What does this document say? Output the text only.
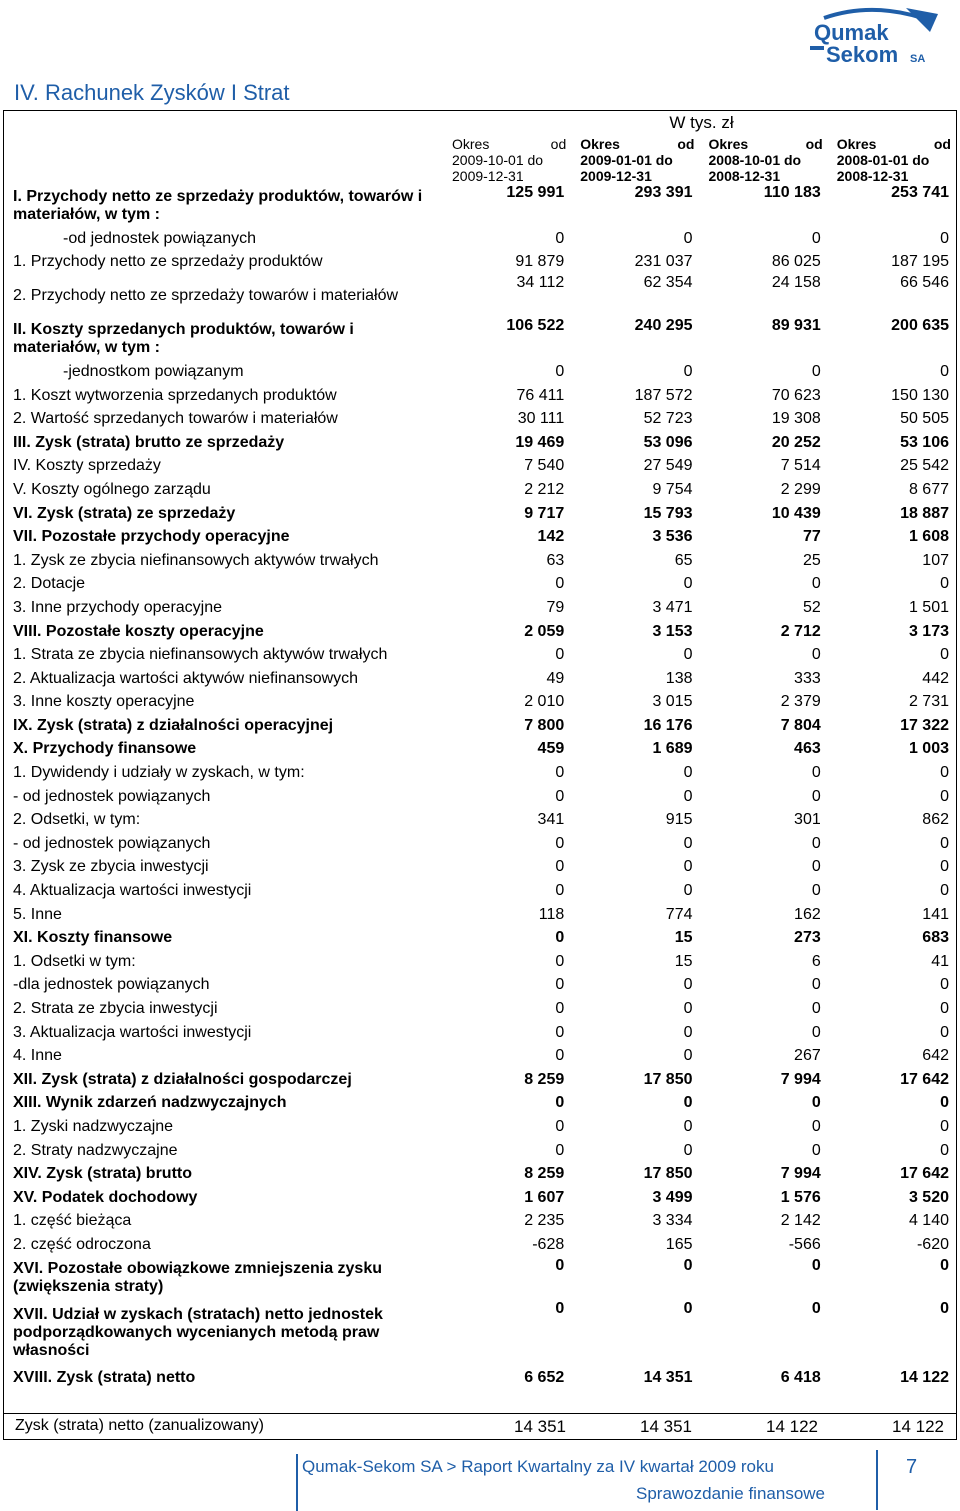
Qumak
Sekom SA
IV. Rachunek Zysków I Strat
	W tys. zł			

	Okres od
2009-10-01 do
2009-12-31	Okres od
2009-01-01 do
2009-12-31	Okres od
2008-10-01 do
2008-12-31	Okres od
2008-01-01 do
2008-12-31

I. Przychody netto ze sprzedaży produktów, towarów i materiałów, w tym :	125 991	293 391	110 183	253 741
-od jednostek powiązanych	0	0	0	0
1. Przychody netto ze sprzedaży produktów	91 879	231 037	86 025	187 195
2. Przychody netto ze sprzedaży towarów i materiałów	34 112	62 354	24 158	66 546
II. Koszty sprzedanych produktów, towarów i materiałów, w tym :	106 522	240 295	89 931	200 635
-jednostkom powiązanym	0	0	0	0
1. Koszt wytworzenia sprzedanych produktów	76 411	187 572	70 623	150 130
2. Wartość sprzedanych towarów i materiałów	30 111	52 723	19 308	50 505
III. Zysk (strata) brutto ze sprzedaży	19 469	53 096	20 252	53 106
IV. Koszty sprzedaży	7 540	27 549	7 514	25 542
V. Koszty ogólnego zarządu	2 212	9 754	2 299	8 677
VI. Zysk (strata) ze sprzedaży	9 717	15 793	10 439	18 887
VII. Pozostałe przychody operacyjne	142	3 536	77	1 608
1. Zysk ze zbycia niefinansowych aktywów trwałych	63	65	25	107
2. Dotacje	0	0	0	0
3. Inne przychody operacyjne	79	3 471	52	1 501
VIII. Pozostałe koszty operacyjne	2 059	3 153	2 712	3 173
1. Strata ze zbycia niefinansowych aktywów trwałych	0	0	0	0
2. Aktualizacja wartości aktywów niefinansowych	49	138	333	442
3. Inne koszty operacyjne	2 010	3 015	2 379	2 731
IX. Zysk (strata) z działalności operacyjnej	7 800	16 176	7 804	17 322
X. Przychody finansowe	459	1 689	463	1 003
1. Dywidendy i udziały w zyskach, w tym:	0	0	0	0
- od jednostek powiązanych	0	0	0	0
2. Odsetki, w tym:	341	915	301	862
- od jednostek powiązanych	0	0	0	0
3. Zysk ze zbycia inwestycji	0	0	0	0
4. Aktualizacja wartości inwestycji	0	0	0	0
5. Inne	118	774	162	141
XI. Koszty finansowe	0	15	273	683
1. Odsetki w tym:	0	15	6	41
-dla jednostek powiązanych	0	0	0	0
2. Strata ze zbycia inwestycji	0	0	0	0
3. Aktualizacja wartości inwestycji	0	0	0	0
4. Inne	0	0	267	642
XII. Zysk (strata) z działalności gospodarczej	8 259	17 850	7 994	17 642
XIII. Wynik zdarzeń nadzwyczajnych	0	0	0	0
1. Zyski nadzwyczajne	0	0	0	0
2. Straty nadzwyczajne	0	0	0	0
XIV. Zysk (strata) brutto	8 259	17 850	7 994	17 642
XV. Podatek dochodowy	1 607	3 499	1 576	3 520
1. część bieżąca	2 235	3 334	2 142	4 140
2. część odroczona	-628	165	-566	-620
XVI. Pozostałe obowiązkowe zmniejszenia zysku (zwiększenia straty)	0	0	0	0
XVII. Udział w zyskach (stratach) netto jednostek podporządkowanych wycenianych metodą praw własności	0	0	0	0
XVIII. Zysk (strata) netto	6 652	14 351	6 418	14 122
Zysk (strata) netto (zanualizowany)	14 351	14 351	14 122	14 122
Qumak-Sekom SA > Raport Kwartalny za IV kwartał 2009 roku
Sprawozdanie finansowe
7
